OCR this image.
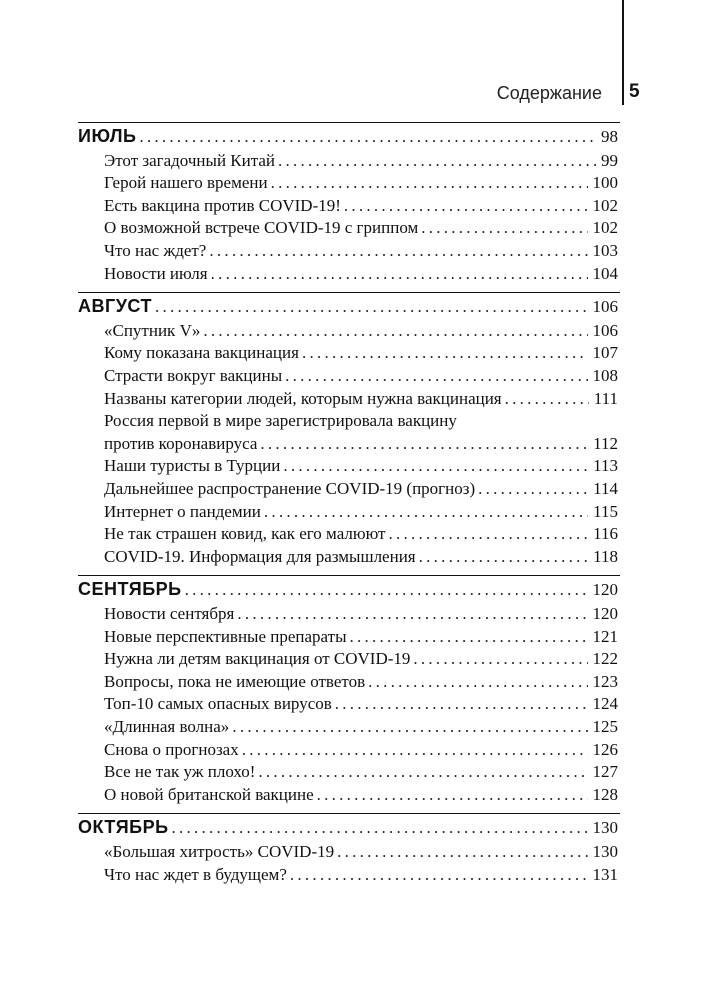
Содержание 5
ИЮЛЬ . . .	98
Этот загадочный Китай . . .	99
Герой нашего времени . . .	100
Есть вакцина против COVID-19! . . .	102
О возможной встрече COVID-19 с гриппом . . .	102
Что нас ждет? . . .	103
Новости июля . . .	104
АВГУСТ . . .	106
«Спутник V» . . .	106
Кому показана вакцинация . . .	107
Страсти вокруг вакцины . . .	108
Названы категории людей, которым нужна вакцинация . . .	111
Россия первой в мире зарегистрировала вакцину
против коронавируса . . .	112
Наши туристы в Турции . . .	113
Дальнейшее распространение COVID-19 (прогноз) . . .	114
Интернет о пандемии . . .	115
Не так страшен ковид, как его малюют . . .	116
COVID-19. Информация для размышления . . .	118
СЕНТЯБРЬ . . .	120
Новости сентября . . .	120
Новые перспективные препараты . . .	121
Нужна ли детям вакцинация от COVID-19 . . .	122
Вопросы, пока не имеющие ответов . . .	123
Топ-10 самых опасных вирусов . . .	124
«Длинная волна» . . .	125
Снова о прогнозах . . .	126
Все не так уж плохо! . . .	127
О новой британской вакцине . . .	128
ОКТЯБРЬ . . .	130
«Большая хитрость» COVID-19 . . .	130
Что нас ждет в будущем? . . .	131
